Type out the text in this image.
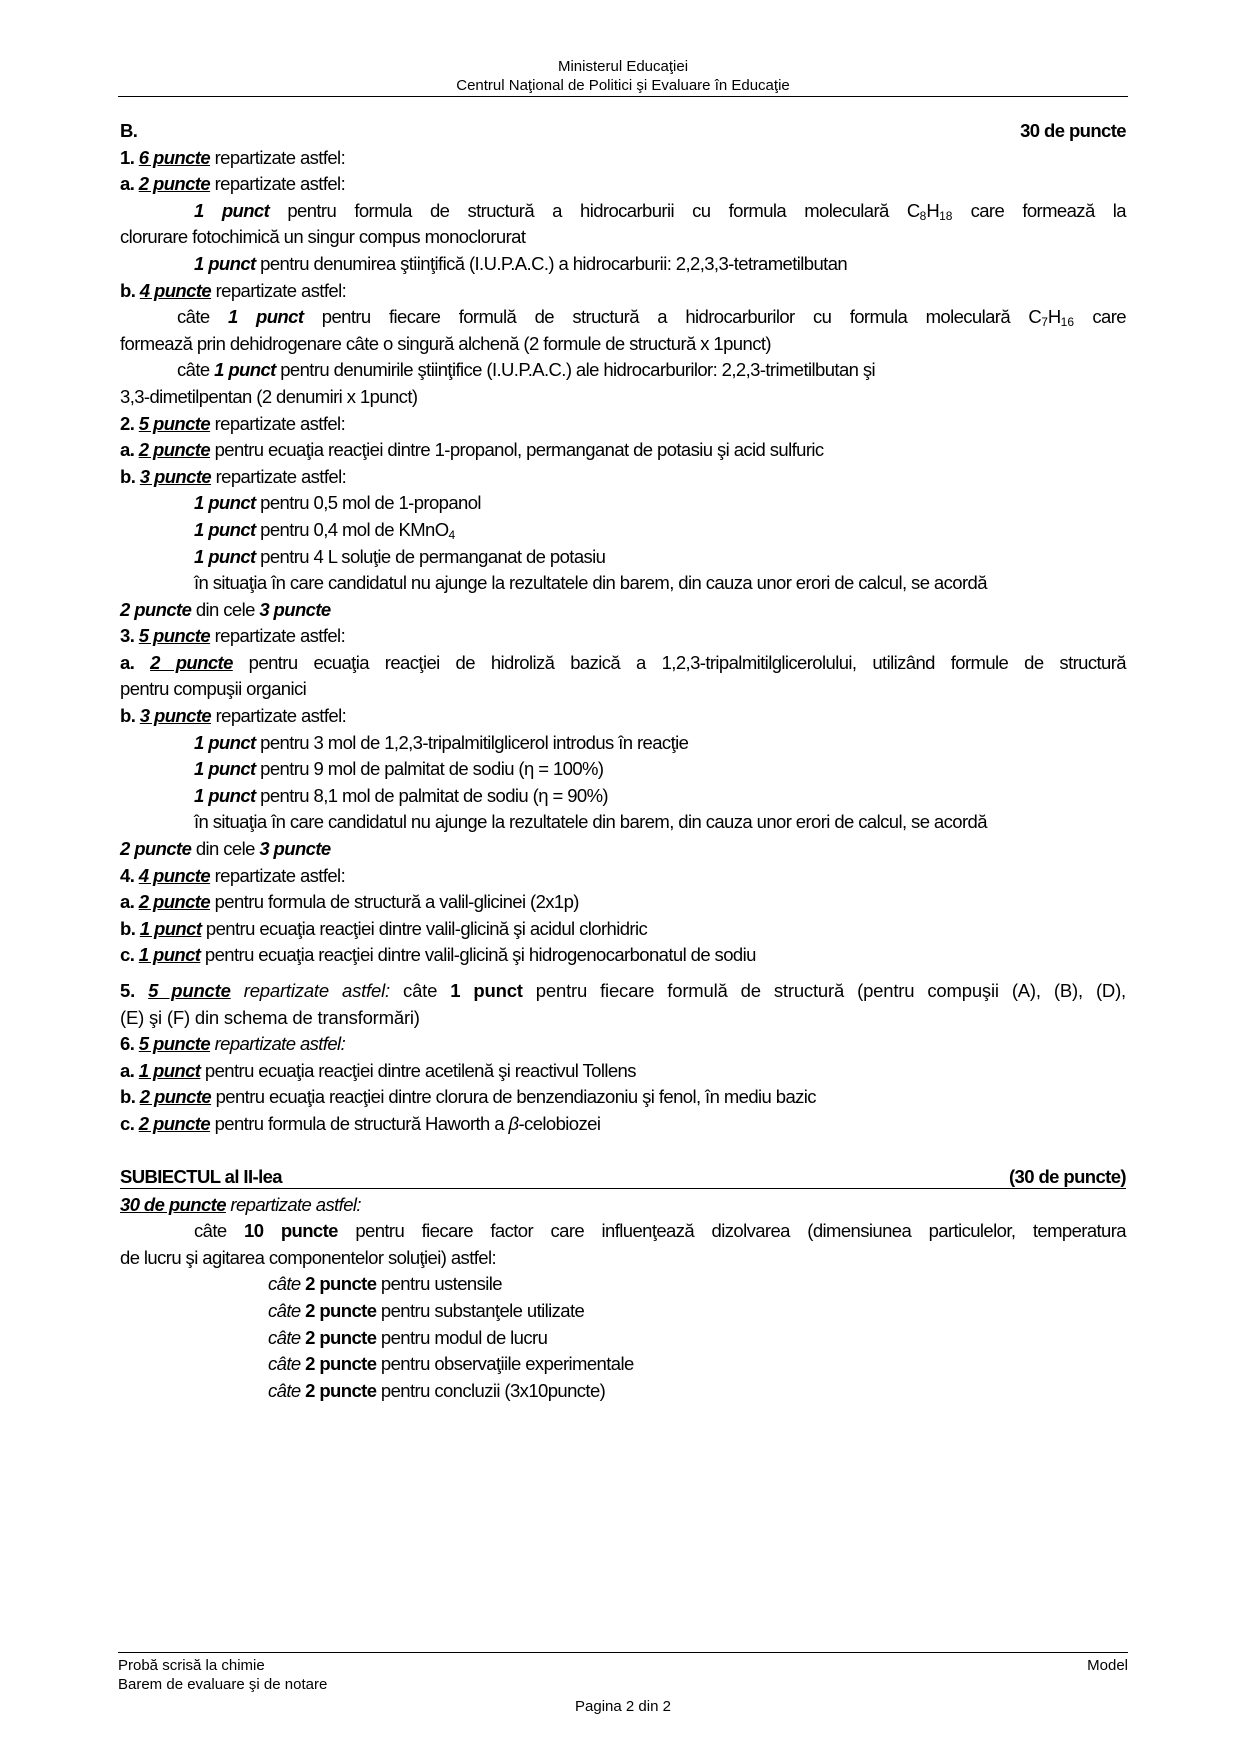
Ministerul Educaţiei
Centrul Naţional de Politici şi Evaluare în Educaţie
B.	30 de puncte
1. 6 puncte repartizate astfel:
a. 2 puncte repartizate astfel:
1 punct pentru formula de structură a hidrocarburii cu formula moleculară $C_8H_{18}$ care formează la
clorurare fotochimică un singur compus monoclorurat
1 punct pentru denumirea ştiinţifică (I.U.P.A.C.) a hidrocarburii: 2,2,3,3-tetrametilbutan
b. 4 puncte repartizate astfel:
câte 1 punct pentru fiecare formulă de structură a hidrocarburilor cu formula moleculară $C_7H_{16}$ care
formează prin dehidrogenare câte o singură alchenă (2 formule de structură x 1punct)
câte 1 punct pentru denumirile ştiinţifice (I.U.P.A.C.) ale hidrocarburilor: 2,2,3-trimetilbutan şi
3,3-dimetilpentan (2 denumiri x 1punct)
2. 5 puncte repartizate astfel:
a. 2 puncte pentru ecuaţia reacţiei dintre 1-propanol, permanganat de potasiu şi acid sulfuric
b. 3 puncte repartizate astfel:
1 punct pentru 0,5 mol de 1-propanol
1 punct pentru 0,4 mol de KMnO$_4$
1 punct pentru 4 L soluţie de permanganat de potasiu
în situaţia în care candidatul nu ajunge la rezultatele din barem, din cauza unor erori de calcul, se acordă
2 puncte din cele 3 puncte
3. 5 puncte repartizate astfel:
a. 2 puncte pentru ecuaţia reacţiei de hidroliză bazică a 1,2,3-tripalmitilglicerolului, utilizând formule de structură
pentru compuşii organici
b. 3 puncte repartizate astfel:
1 punct pentru 3 mol de 1,2,3-tripalmitilglicerol introdus în reacţie
1 punct pentru 9 mol de palmitat de sodiu (η = 100%)
1 punct pentru 8,1 mol de palmitat de sodiu (η = 90%)
în situaţia în care candidatul nu ajunge la rezultatele din barem, din cauza unor erori de calcul, se acordă
2 puncte din cele 3 puncte
4. 4 puncte repartizate astfel:
a. 2 puncte pentru formula de structură a valil-glicinei (2x1p)
b. 1 punct pentru ecuaţia reacţiei dintre valil-glicină şi acidul clorhidric
c. 1 punct pentru ecuaţia reacţiei dintre valil-glicină şi hidrogenocarbonatul de sodiu
5. 5 puncte repartizate astfel: câte 1 punct pentru fiecare formulă de structură (pentru compuşii (A), (B), (D),
(E) şi (F) din schema de transformări)
6. 5 puncte repartizate astfel:
a. 1 punct pentru ecuaţia reacţiei dintre acetilenă şi reactivul Tollens
b. 2 puncte pentru ecuaţia reacţiei dintre clorura de benzendiazoniu şi fenol, în mediu bazic
c. 2 puncte pentru formula de structură Haworth a β-celobiozei
SUBIECTUL al II-lea	(30 de puncte)
30 de puncte repartizate astfel:
câte 10 puncte pentru fiecare factor care influenţează dizolvarea (dimensiunea particulelor, temperatura
de lucru şi agitarea componentelor soluţiei) astfel:
câte 2 puncte pentru ustensile
câte 2 puncte pentru substanţele utilizate
câte 2 puncte pentru modul de lucru
câte 2 puncte pentru observaţiile experimentale
câte 2 puncte pentru concluzii (3x10puncte)
Probă scrisă la chimie
Barem de evaluare şi de notare
Model
Pagina 2 din 2
